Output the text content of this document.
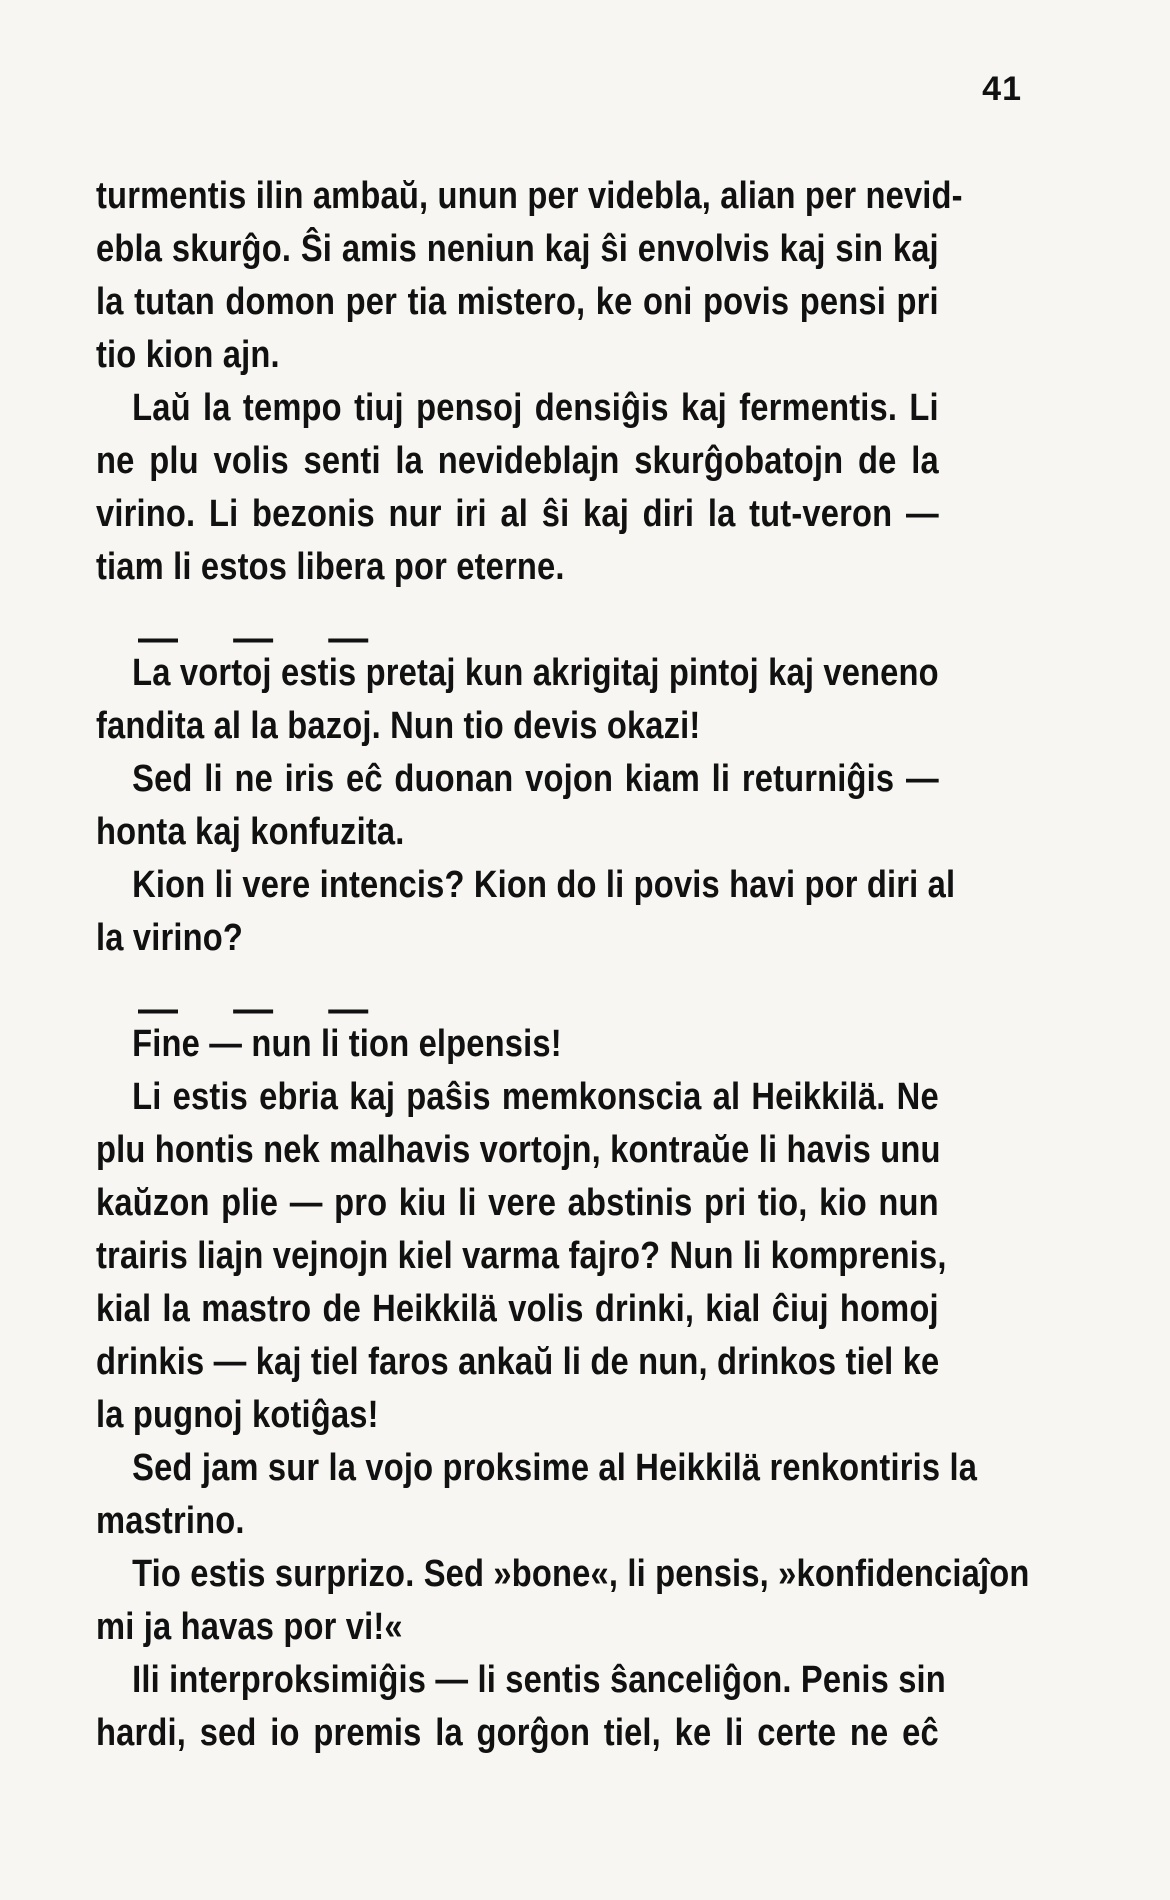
41
turmentis ilin ambaŭ, unun per videbla, alian per nevid-
ebla skurĝo. Ŝi amis neniun kaj ŝi envolvis kaj sin kaj
la tutan domon per tia mistero, ke oni povis pensi pri
tio kion ajn.
Laŭ la tempo tiuj pensoj densiĝis kaj fermentis. Li
ne plu volis senti la nevideblajn skurĝobatojn de la
virino. Li bezonis nur iri al ŝi kaj diri la tut-veron —
tiam li estos libera por eterne.
— — —
La vortoj estis pretaj kun akrigitaj pintoj kaj veneno
fandita al la bazoj. Nun tio devis okazi!
Sed li ne iris eĉ duonan vojon kiam li returniĝis —
honta kaj konfuzita.
Kion li vere intencis? Kion do li povis havi por diri al
la virino?
— — —
Fine — nun li tion elpensis!
Li estis ebria kaj paŝis memkonscia al Heikkilä. Ne
plu hontis nek malhavis vortojn, kontraŭe li havis unu
kaŭzon plie — pro kiu li vere abstinis pri tio, kio nun
trairis liajn vejnojn kiel varma fajro? Nun li komprenis,
kial la mastro de Heikkilä volis drinki, kial ĉiuj homoj
drinkis — kaj tiel faros ankaŭ li de nun, drinkos tiel ke
la pugnoj kotiĝas!
Sed jam sur la vojo proksime al Heikkilä renkontiris la
mastrino.
Tio estis surprizo. Sed »bone«, li pensis, »konfidenciaĵon
mi ja havas por vi!«
Ili interproksimiĝis — li sentis ŝanceliĝon. Penis sin
hardi, sed io premis la gorĝon tiel, ke li certe ne eĉ
